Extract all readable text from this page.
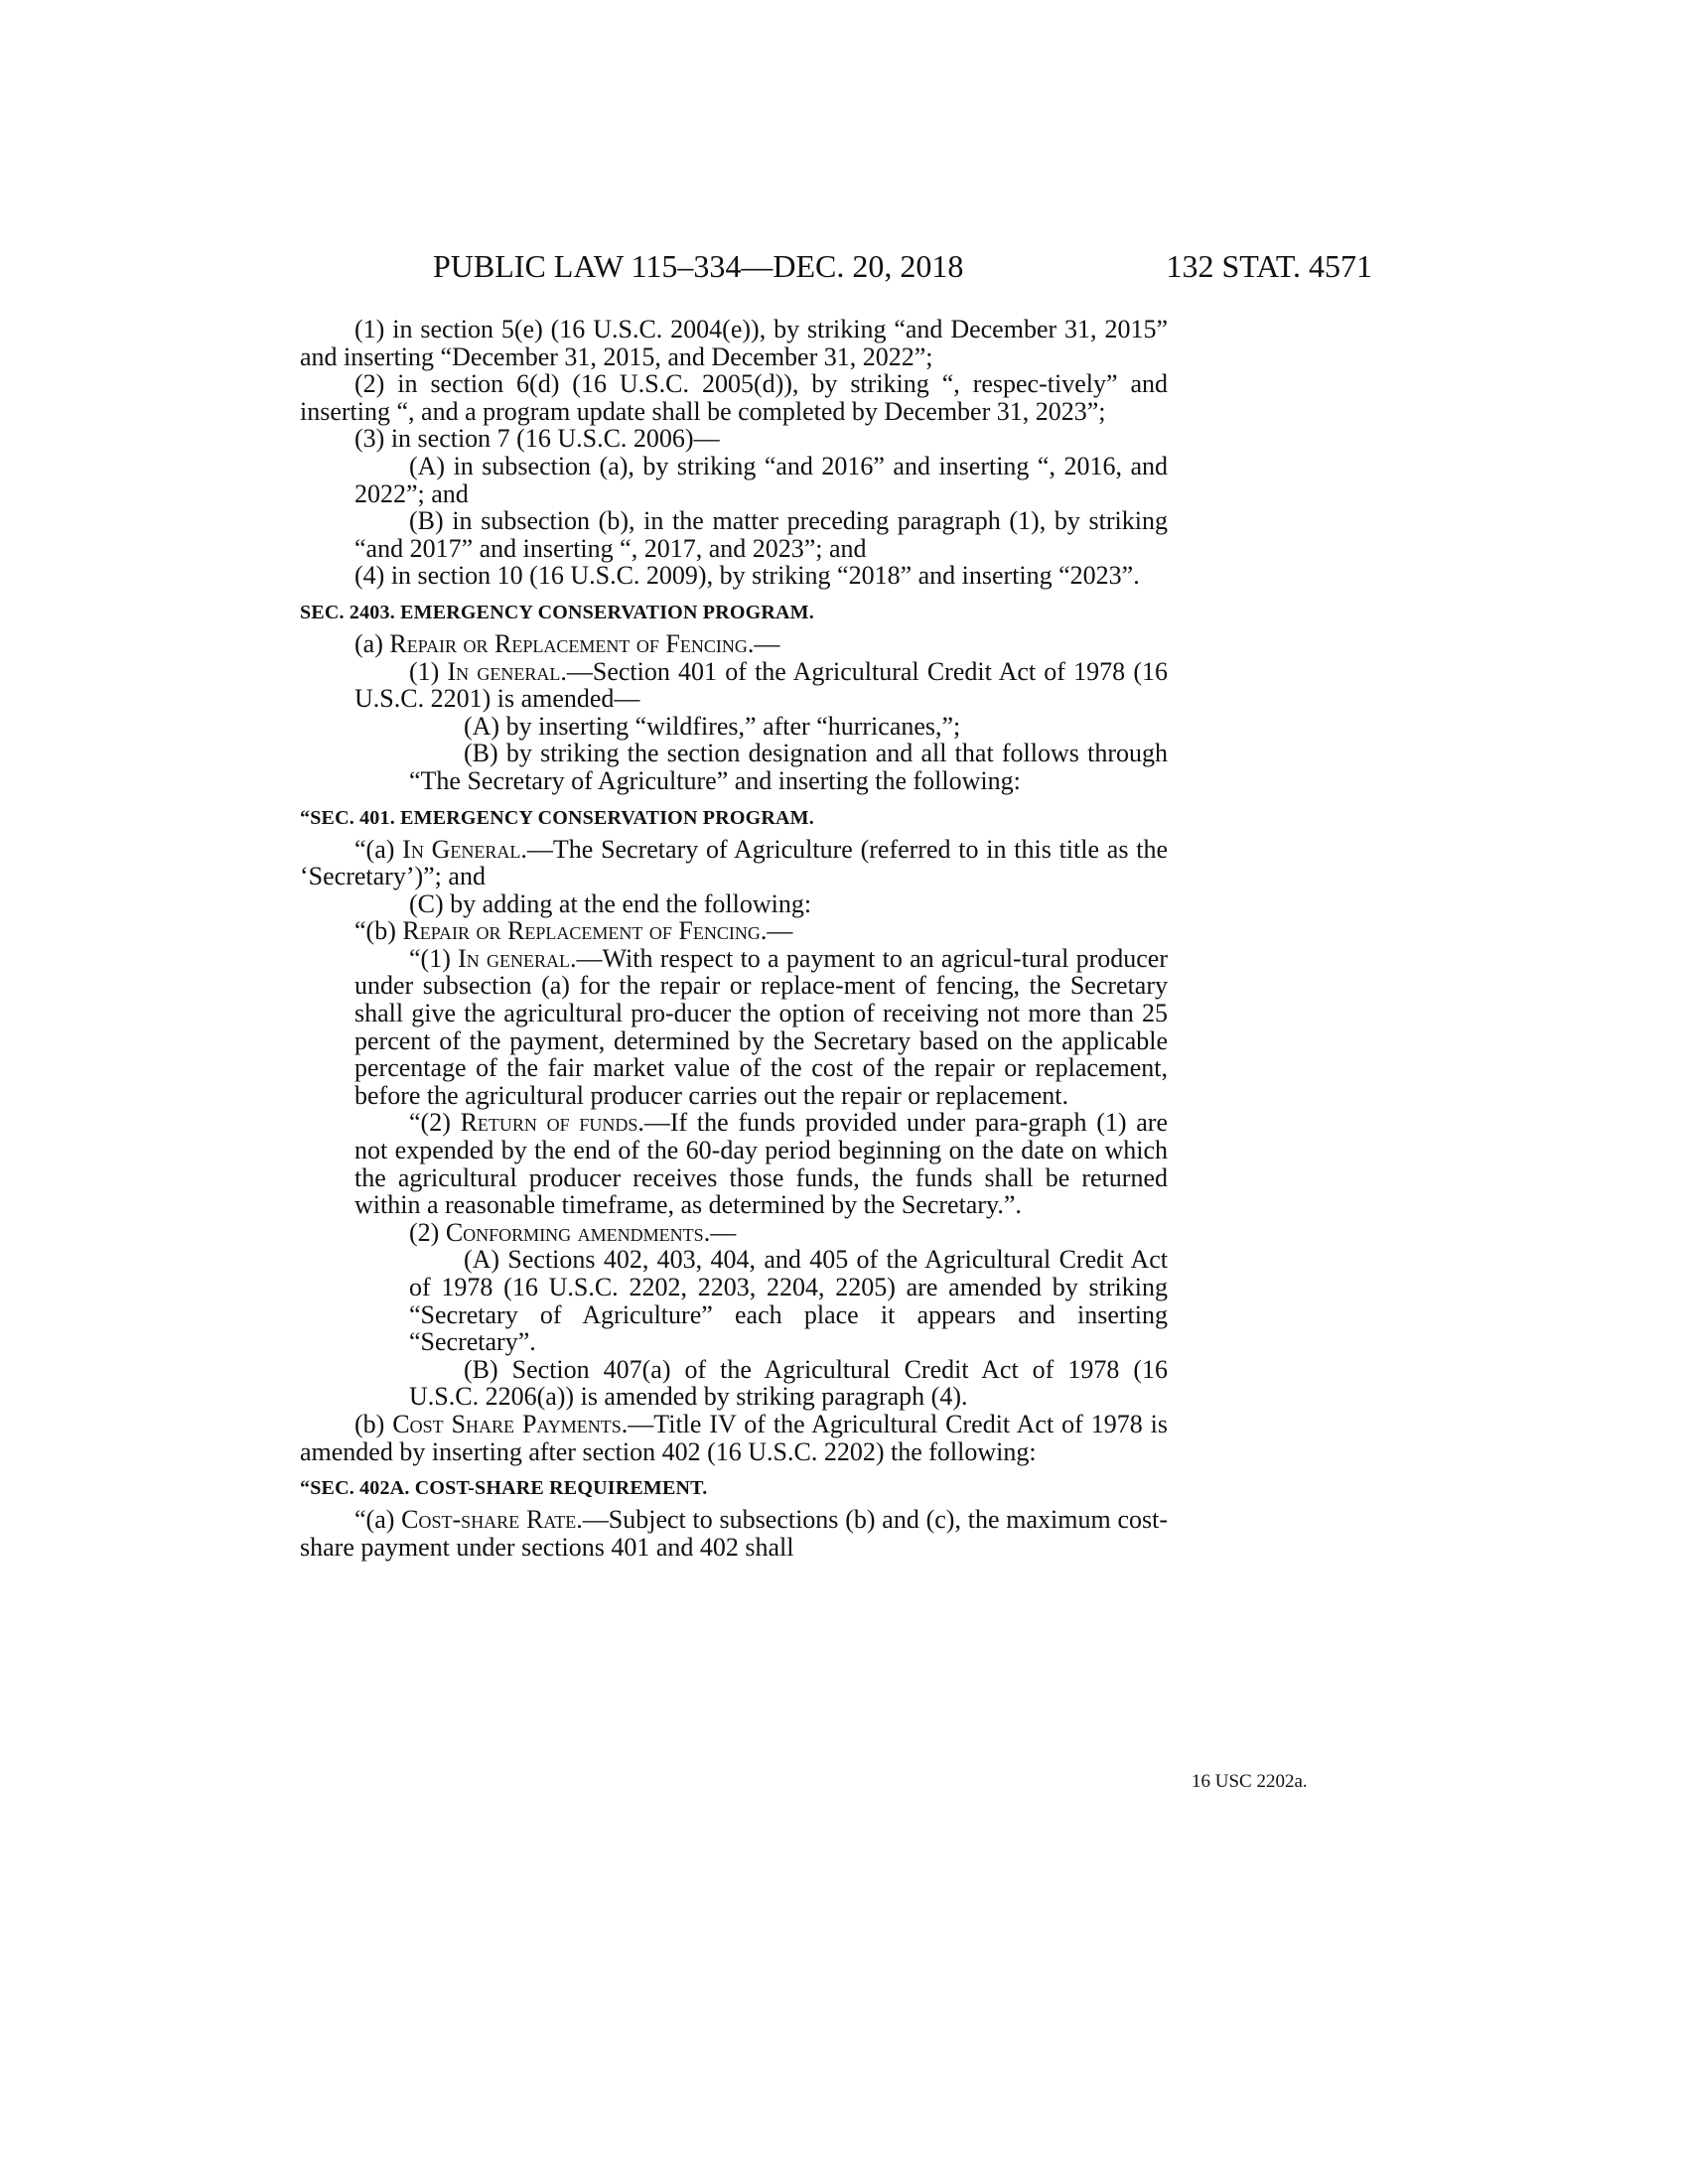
PUBLIC LAW 115–334—DEC. 20, 2018	132 STAT. 4571

(1) in section 5(e) (16 U.S.C. 2004(e)), by striking “and December 31, 2015” and inserting “December 31, 2015, and December 31, 2022”;

(2) in section 6(d) (16 U.S.C. 2005(d)), by striking “, respec-tively” and inserting “, and a program update shall be completed by December 31, 2023”;

(3) in section 7 (16 U.S.C. 2006)—

(A) in subsection (a), by striking “and 2016” and inserting “, 2016, and 2022”; and

(B) in subsection (b), in the matter preceding paragraph (1), by striking “and 2017” and inserting “, 2017, and 2023”; and

(4) in section 10 (16 U.S.C. 2009), by striking “2018” and inserting “2023”.

SEC. 2403. EMERGENCY CONSERVATION PROGRAM.

(a) Repair or Replacement of Fencing.—

(1) In general.—Section 401 of the Agricultural Credit Act of 1978 (16 U.S.C. 2201) is amended—

(A) by inserting “wildfires,” after “hurricanes,”;

(B) by striking the section designation and all that follows through “The Secretary of Agriculture” and inserting the following:

“SEC. 401. EMERGENCY CONSERVATION PROGRAM.

“(a) In General.—The Secretary of Agriculture (referred to in this title as the ‘Secretary’)”; and

(C) by adding at the end the following:

“(b) Repair or Replacement of Fencing.—

“(1) In general.—With respect to a payment to an agricul-tural producer under subsection (a) for the repair or replace-ment of fencing, the Secretary shall give the agricultural pro-ducer the option of receiving not more than 25 percent of the payment, determined by the Secretary based on the applicable percentage of the fair market value of the cost of the repair or replacement, before the agricultural producer carries out the repair or replacement.

“(2) Return of funds.—If the funds provided under para-graph (1) are not expended by the end of the 60-day period beginning on the date on which the agricultural producer receives those funds, the funds shall be returned within a reasonable timeframe, as determined by the Secretary.”.

(2) Conforming amendments.—

(A) Sections 402, 403, 404, and 405 of the Agricultural Credit Act of 1978 (16 U.S.C. 2202, 2203, 2204, 2205) are amended by striking “Secretary of Agriculture” each place it appears and inserting “Secretary”.

(B) Section 407(a) of the Agricultural Credit Act of 1978 (16 U.S.C. 2206(a)) is amended by striking paragraph (4).

(b) Cost Share Payments.—Title IV of the Agricultural Credit Act of 1978 is amended by inserting after section 402 (16 U.S.C. 2202) the following:

“SEC. 402A. COST-SHARE REQUIREMENT.

“(a) Cost-share Rate.—Subject to subsections (b) and (c), the maximum cost-share payment under sections 401 and 402 shall

16 USC 2202a.
